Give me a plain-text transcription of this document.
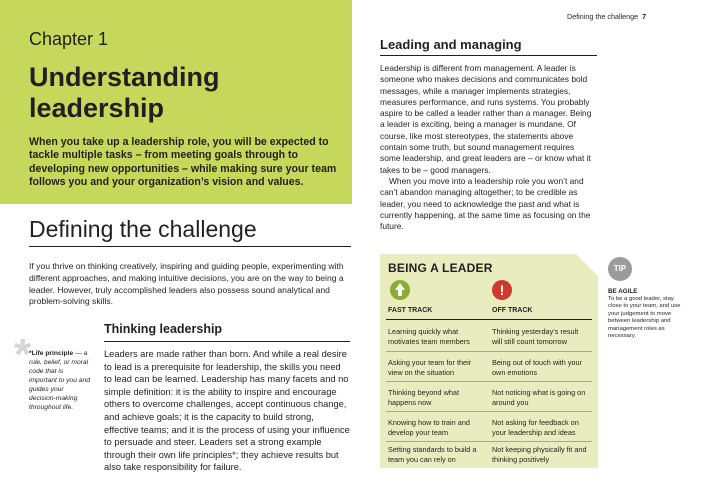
Chapter 1
Understanding
leadership
When you take up a leadership role, you will be expected to tackle multiple tasks – from meeting goals through to developing new opportunities – while making sure your team follows you and your organization’s vision and values.
Defining the challenge
If you thrive on thinking creatively, inspiring and guiding people, experimenting with different approaches, and making intuitive decisions, you are on the way to being a leader. However, truly accomplished leaders also possess sound analytical and problem-solving skills.
*
*Life principle — a rule, belief, or moral code that is important to you and guides your decision-making throughout life.
Thinking leadership
Leaders are made rather than born. And while a real desire to lead is a prerequisite for leadership, the skills you need to lead can be learned. Leadership has many facets and no simple definition: it is the ability to inspire and encourage others to overcome challenges, accept continuous change, and achieve goals; it is the capacity to build strong, effective teams; and it is the process of using your influence to persuade and steer. Leaders set a strong example through their own life principles*; they achieve results but also take responsibility for failure.
Defining the challenge 7
Leading and managing

Leadership is different from management. A leader is someone who makes decisions and communicates bold messages, while a manager implements strategies, measures performance, and runs systems. You probably aspire to be called a leader rather than a manager. Being a leader is exciting, being a manager is mundane. Of course, like most stereotypes, the statements above contain some truth, but sound management requires some leadership, and great leaders are – or know what it takes to be – good managers.

When you move into a leadership role you won’t and can’t abandon managing altogether; to be credible as leader, you need to acknowledge the past and what is currently happening, at the same time as focusing on the future.

BEING A LEADER
!
FAST TRACK	OFF TRACK
Learning quickly what motivates team members
Thinking yesterday’s result will still count tomorrow
Asking your team for their view on the situation
Being out of touch with your own emotions
Thinking beyond what happens now
Not noticing what is going on around you
Knowing how to train and develop your team
Not asking for feedback on your leadership and ideas
Setting standards to build a team you can rely on
Not keeping physically fit and thinking positively
TIP
BE AGILE
To be a good leader, stay close to your team, and use your judgement to move between leadership and management roles as necessary.
